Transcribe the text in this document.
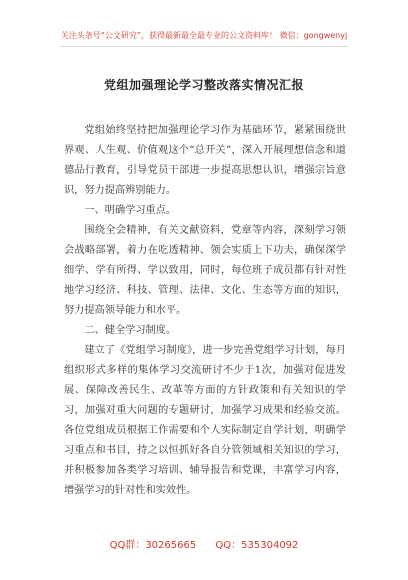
关注头条号“公文研究”，获得最新最全最专业的公文资料库！ 微信：gongwenyj
党组加强理论学习整改落实情况汇报

党组始终坚持把加强理论学习作为基础环节，紧紧围绕世界观、人生观、价值观这个“总开关”，深入开展理想信念和道德品行教育，引导党员干部进一步提高思想认识，增强宗旨意识，努力提高辨别能力。

一、明确学习重点。

围绕全会精神，有关文献资料，党章等内容，深刻学习领会战略部署，着力在吃透精神、领会实质上下功夫，确保深学细学、学有所得、学以致用，同时，每位班子成员都有针对性地学习经济、科技、管理、法律、文化、生态等方面的知识，努力提高领导能力和水平。

二、健全学习制度。

建立了《党组学习制度》，进一步完善党组学习计划，每月组织形式多样的集体学习交流研讨不少于1次，加强对促进发展、保障改善民生、改革等方面的方针政策和有关知识的学习，加强对重大问题的专题研讨，加强学习成果和经验交流。各位党组成员根据工作需要和个人实际制定自学计划，明确学习重点和书目，持之以恒抓好各自分管领域相关知识的学习，并积极参加各类学习培训、辅导报告和党课，丰富学习内容，增强学习的针对性和实效性。

QQ群：30265665 QQ：535304092
